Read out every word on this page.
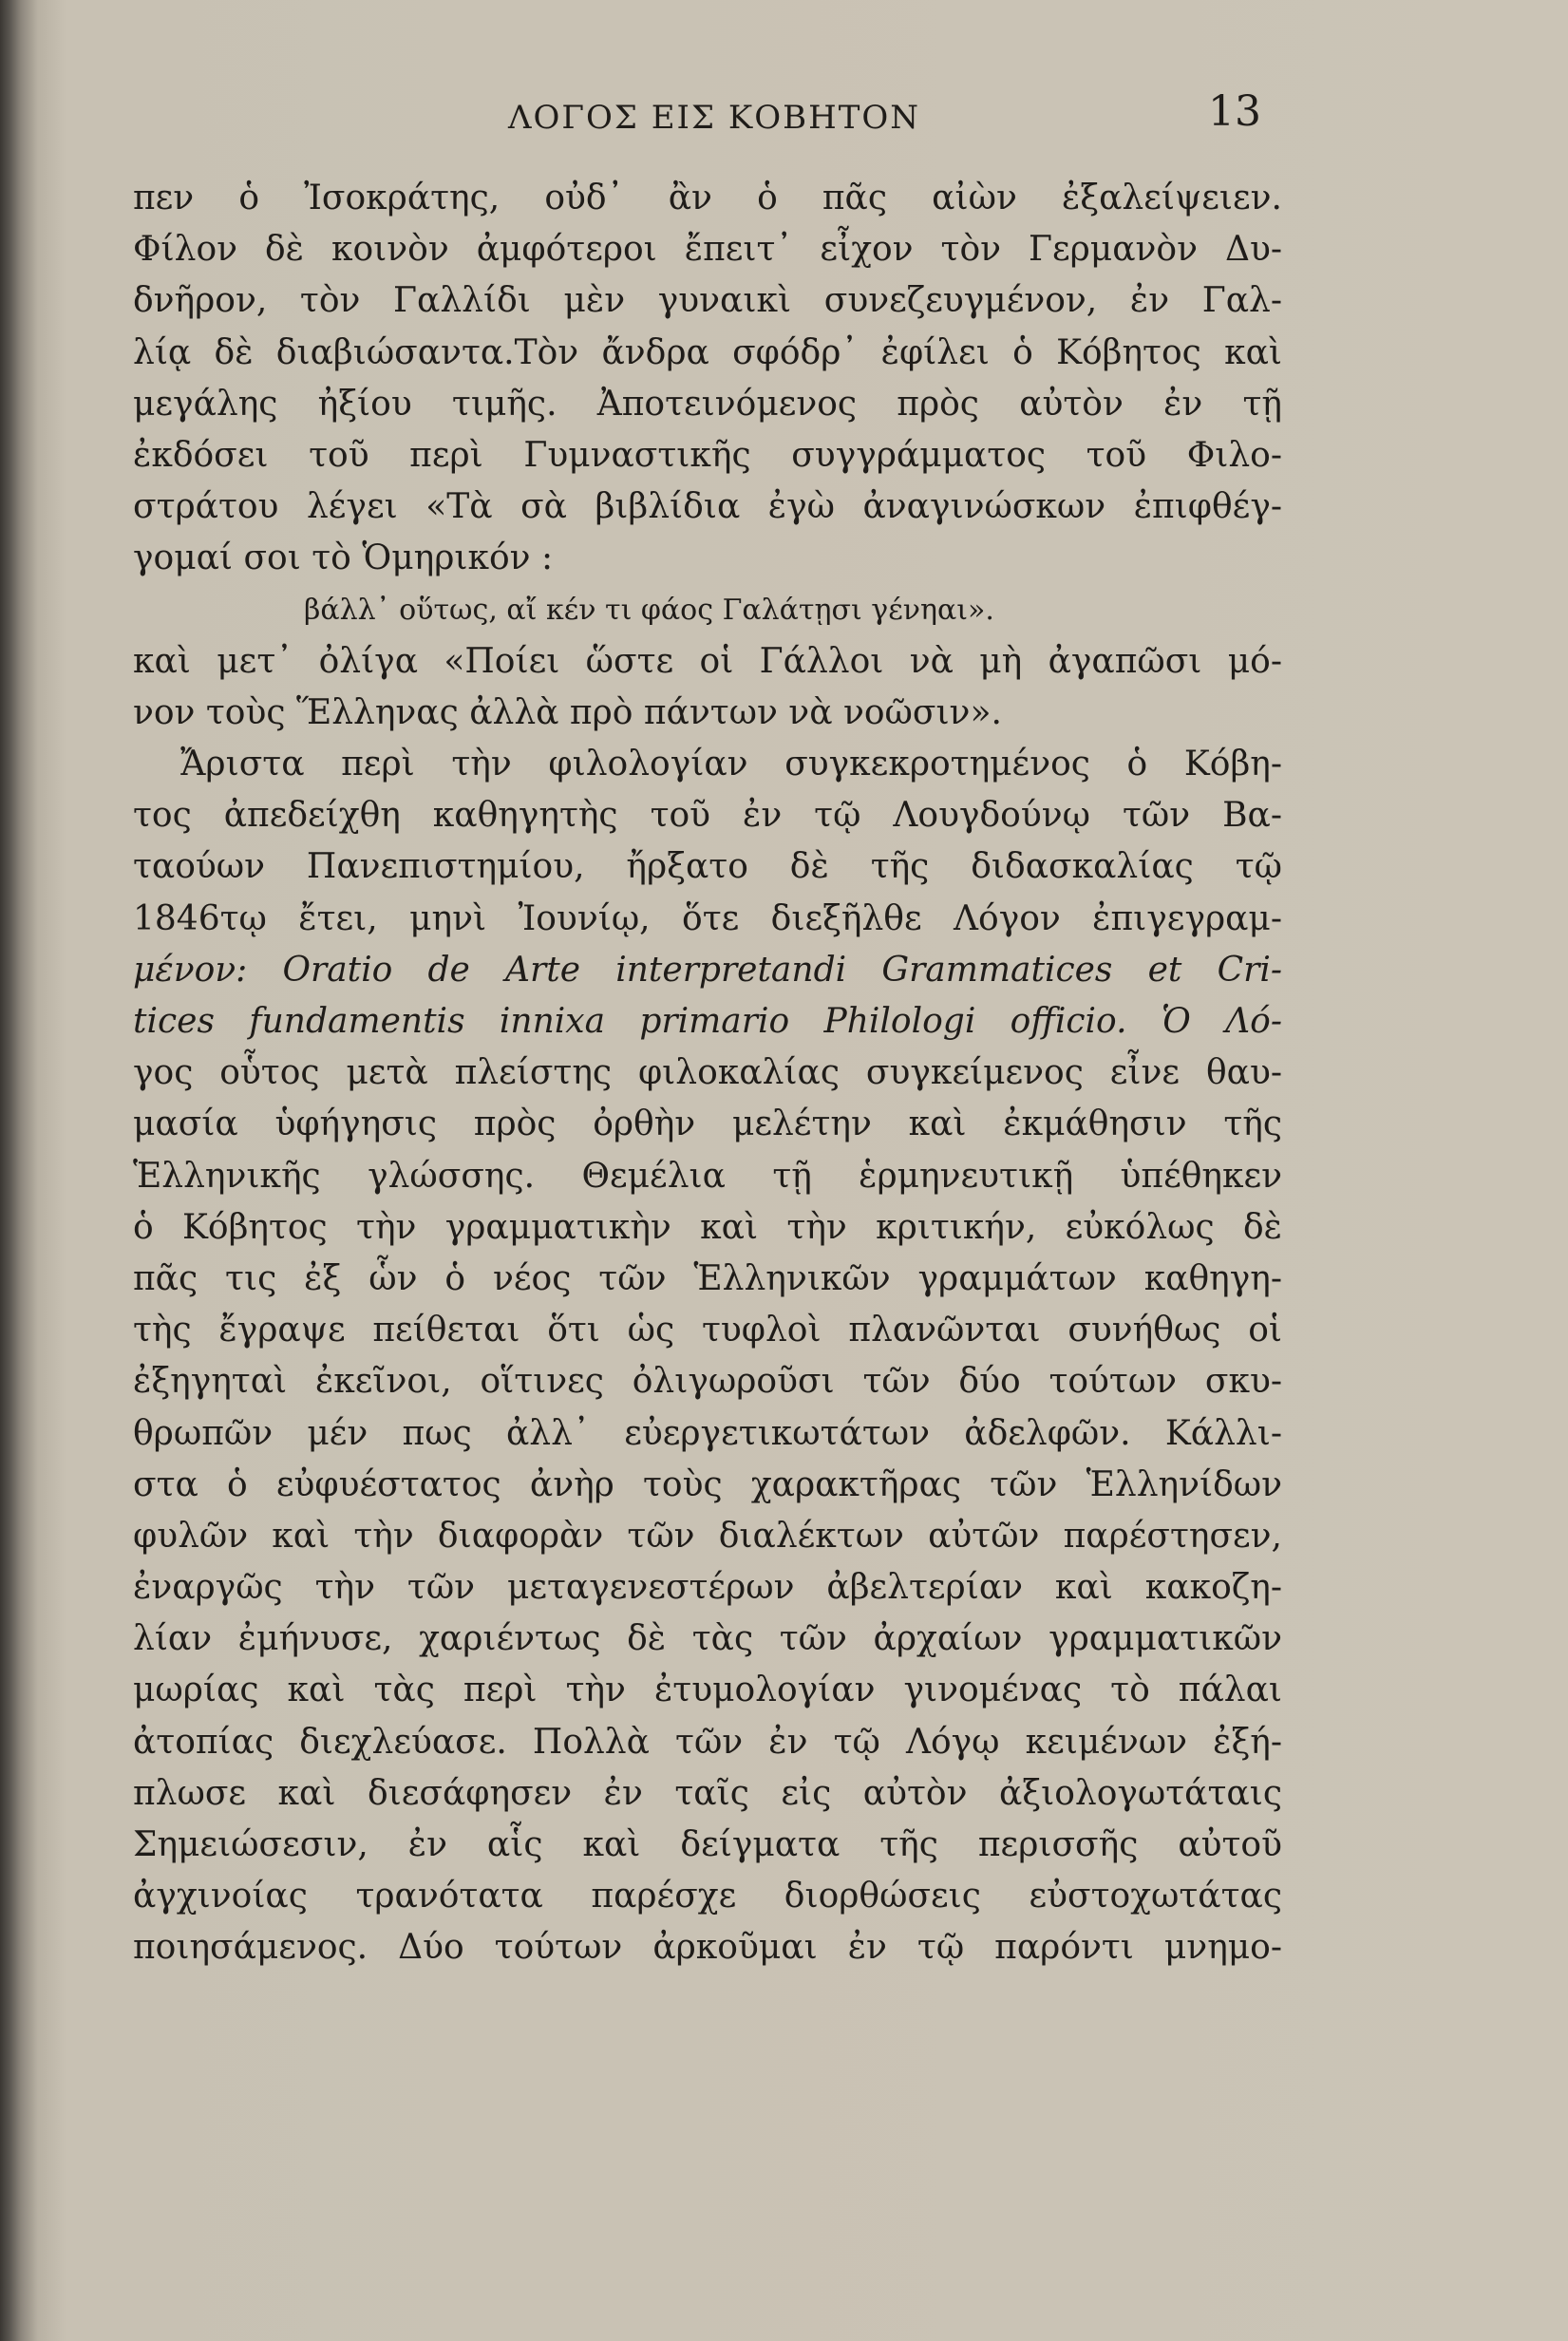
ΛΟΓΟΣ ΕΙΣ ΚΟΒΗΤΟΝ	13
πεν ὁ Ἰσοκράτης, οὐδ᾽ ἂν ὁ πᾶς αἰὼν ἐξαλείψειεν.
Φίλον δὲ κοινὸν ἀμφότεροι ἔπειτ᾽ εἶχον τὸν Γερμανὸν Δυ-
δνῆρον, τὸν Γαλλίδι μὲν γυναικὶ συνεζευγμένον, ἐν Γαλ-
λίᾳ δὲ διαβιώσαντα.Τὸν ἄνδρα σφόδρ᾽ ἐφίλει ὁ Κόβητος καὶ
μεγάλης ἠξίου τιμῆς. Ἀποτεινόμενος πρὸς αὐτὸν ἐν τῇ
ἐκδόσει τοῦ περὶ Γυμναστικῆς συγγράμματος τοῦ Φιλο-
στράτου λέγει «Τὰ σὰ βιβλίδια ἐγὼ ἀναγινώσκων ἐπιφθέγ-
γομαί σοι τὸ Ὁμηρικόν :
βάλλ᾽ οὕτως, αἴ κέν τι φάος Γαλάτῃσι γένηαι».
καὶ μετ᾽ ὀλίγα «Ποίει ὥστε οἱ Γάλλοι νὰ μὴ ἀγαπῶσι μό-
νον τοὺς Ἕλληνας ἀλλὰ πρὸ πάντων νὰ νοῶσιν».
Ἄριστα περὶ τὴν φιλολογίαν συγκεκροτημένος ὁ Κόβη-
τος ἀπεδείχθη καθηγητὴς τοῦ ἐν τῷ Λουγδούνῳ τῶν Βα-
ταούων Πανεπιστημίου, ἤρξατο δὲ τῆς διδασκαλίας τῷ
1846τῳ ἔτει, μηνὶ Ἰουνίῳ, ὅτε διεξῆλθε Λόγον ἐπιγεγραμ-
μένον: Oratio de Arte interpretandi Grammatices et Cri-
tices fundamentis innixa primario Philologi officio. Ὁ Λό-
γος οὗτος μετὰ πλείστης φιλοκαλίας συγκείμενος εἶνε θαυ-
μασία ὑφήγησις πρὸς ὀρθὴν μελέτην καὶ ἐκμάθησιν τῆς
Ἑλληνικῆς γλώσσης. Θεμέλια τῇ ἑρμηνευτικῇ ὑπέθηκεν
ὁ Κόβητος τὴν γραμματικὴν καὶ τὴν κριτικήν, εὐκόλως δὲ
πᾶς τις ἐξ ὧν ὁ νέος τῶν Ἑλληνικῶν γραμμάτων καθηγη-
τὴς ἔγραψε πείθεται ὅτι ὡς τυφλοὶ πλανῶνται συνήθως οἱ
ἐξηγηταὶ ἐκεῖνοι, οἵτινες ὀλιγωροῦσι τῶν δύο τούτων σκυ-
θρωπῶν μέν πως ἀλλ᾽ εὐεργετικωτάτων ἀδελφῶν. Κάλλι-
στα ὁ εὐφυέστατος ἀνὴρ τοὺς χαρακτῆρας τῶν Ἑλληνίδων
φυλῶν καὶ τὴν διαφορὰν τῶν διαλέκτων αὐτῶν παρέστησεν,
ἐναργῶς τὴν τῶν μεταγενεστέρων ἀβελτερίαν καὶ κακοζη-
λίαν ἐμήνυσε, χαριέντως δὲ τὰς τῶν ἀρχαίων γραμματικῶν
μωρίας καὶ τὰς περὶ τὴν ἐτυμολογίαν γινομένας τὸ πάλαι
ἀτοπίας διεχλεύασε. Πολλὰ τῶν ἐν τῷ Λόγῳ κειμένων ἐξή-
πλωσε καὶ διεσάφησεν ἐν ταῖς εἰς αὐτὸν ἀξιολογωτάταις
Σημειώσεσιν, ἐν αἷς καὶ δείγματα τῆς περισσῆς αὐτοῦ
ἀγχινοίας τρανότατα παρέσχε διορθώσεις εὐστοχωτάτας
ποιησάμενος. Δύο τούτων ἀρκοῦμαι ἐν τῷ παρόντι μνημο-
